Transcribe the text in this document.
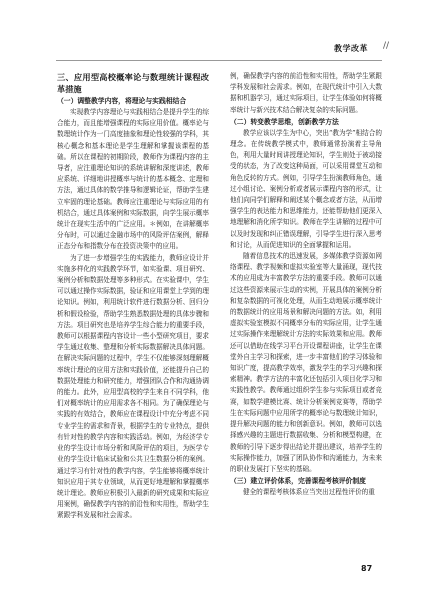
教学改革 //

三、应用型高校概率论与数理统计课程改革措施

（一）调整教学内容，将理论与实践相结合

实现教学内容理论与实践相结合是提升学生的综合能力，而且能增强课程的实际应用价值。概率论与数理统计作为一门高度抽象和理论性较强的学科，其核心概念和基本理论是学生理解和掌握该课程的基础。所以在课程的初期阶段，教师作为课程内容的主导者，应注重理论知识的系统讲解和深度讲述，教师应系统、详细地讲授概率与统计的基本概念、定理和方法，通过具体的数学推导和逻辑论证，帮助学生建立牢固的理论基础。教师应注重理论与实际应用的有机结合，通过具体案例和实际数据，向学生展示概率统计在现实生活中的广泛应用。＊例如，在讲解概率分布时，可以通过金融市场中的风险评估案例，解释正态分布和指数分布在投资决策中的应用。

为了进一步增强学生的实践能力，教师应设计并实施多样化的实践教学环节，如实验课、项目研究、案例分析和数据处理等多种形式。在实验课中，学生可以通过操作实际数据，验证和应用课堂上学到的理论知识。例如，利用统计软件进行数据分析、回归分析和假设检验，帮助学生熟悉数据处理的具体步骤和方法。项目研究也是培养学生综合能力的重要手段，教师可以根据课程内容设计一些小型研究项目，要求学生通过收集、整理和分析实际数据解决具体问题。在解决实际问题的过程中，学生不仅能够深刻理解概率统计理论的应用方法和实践价值，还能提升自己的数据处理能力和研究能力，增强团队合作和沟通协调的能力。此外，应用型高校的学生来自不同学科，他们对概率统计的应用需求各不相同。为了确保理论与实践的有效结合，教师应在课程设计中充分考虑不同专业学生的需求和背景，根据学生的专业特点，提供有针对性的教学内容和实践活动。例如，为经济学专业的学生设计市场分析和风险评估的项目，为医学专业的学生设计临床试验和公共卫生数据分析的案例。通过学习有针对性的教学内容，学生能够将概率统计知识应用于其专业领域，从而更好地理解和掌握概率统计理论。教师应积极引入最新的研究成果和实际应用案例，确保教学内容的前沿性和实用性，帮助学生紧跟学科发展和社会需求。

例，确保教学内容的前沿性和实用性，帮助学生紧跟学科发展和社会需求。例如，在现代统计中引入大数据和机器学习，通过实际项目，让学生体验如何将概率统计与新兴技术结合解决复杂的实际问题。

（二）转变教学思维，创新教学方法

教学应该以学生为中心，突出“教为学”相结合的理念。在传统教学模式中，教师通常扮演着主导角色，利用大量时间讲授理论知识，学生则处于被动接受的状态，为了改变这种局面，可以采用课堂互动和角色反转的方式。例如，引导学生扮演教师角色，通过小组讨论、案例分析或者展示课程内容的形式，让他们向同学们解释和阐述某个概念或者方法，从而增强学生的表达能力和思维能力，还能帮助他们更深入地理解和消化所学知识。教师在学生讲解的过程中可以及时发现和纠正错误理解，引导学生进行深入思考和讨论，从而促进知识的全面掌握和运用。

随着信息技术的迅速发展，多媒体教学资源如网络课程、教学视频和虚拟实验室等大量涌现，现代技术的应用成为丰富教学方法的重要手段。教师可以通过这些资源来展示生动的实例，开展具体的案例分析和复杂数据的可视化处理，从而生动地展示概率统计的数据统计的应用场景和解决问题的方法。如，利用虚拟实验室模拟不同概率分布的实际应用，让学生通过实际操作来理解统计方法的实际效果和应用。教师还可以借助在线学习平台开设课程讲座，让学生在课堂外自主学习和探索，进一步丰富他们的学习体验和知识广度，提高教学效率，激发学生的学习兴趣和探索精神。教学方法的丰富化还包括引入项目化学习和实践性教学。教师通过组织学生参与实际项目或者竞赛，如数学建模比赛、统计分析案例竞赛等，帮助学生在实际问题中应用所学的概率论与数理统计知识，提升解决问题的能力和创新意识。例如，教师可以选择感兴趣的主题进行数据收集、分析和模型构建，在教师的引导下逐步得出结论并提出建议，培养学生的实际操作能力，加强了团队协作和沟通能力，为未来的职业发展打下坚实的基础。

（三）建立评价体系，完善课程考核评价制度

健全的课程考核体系应当突出过程性评价的重

87
